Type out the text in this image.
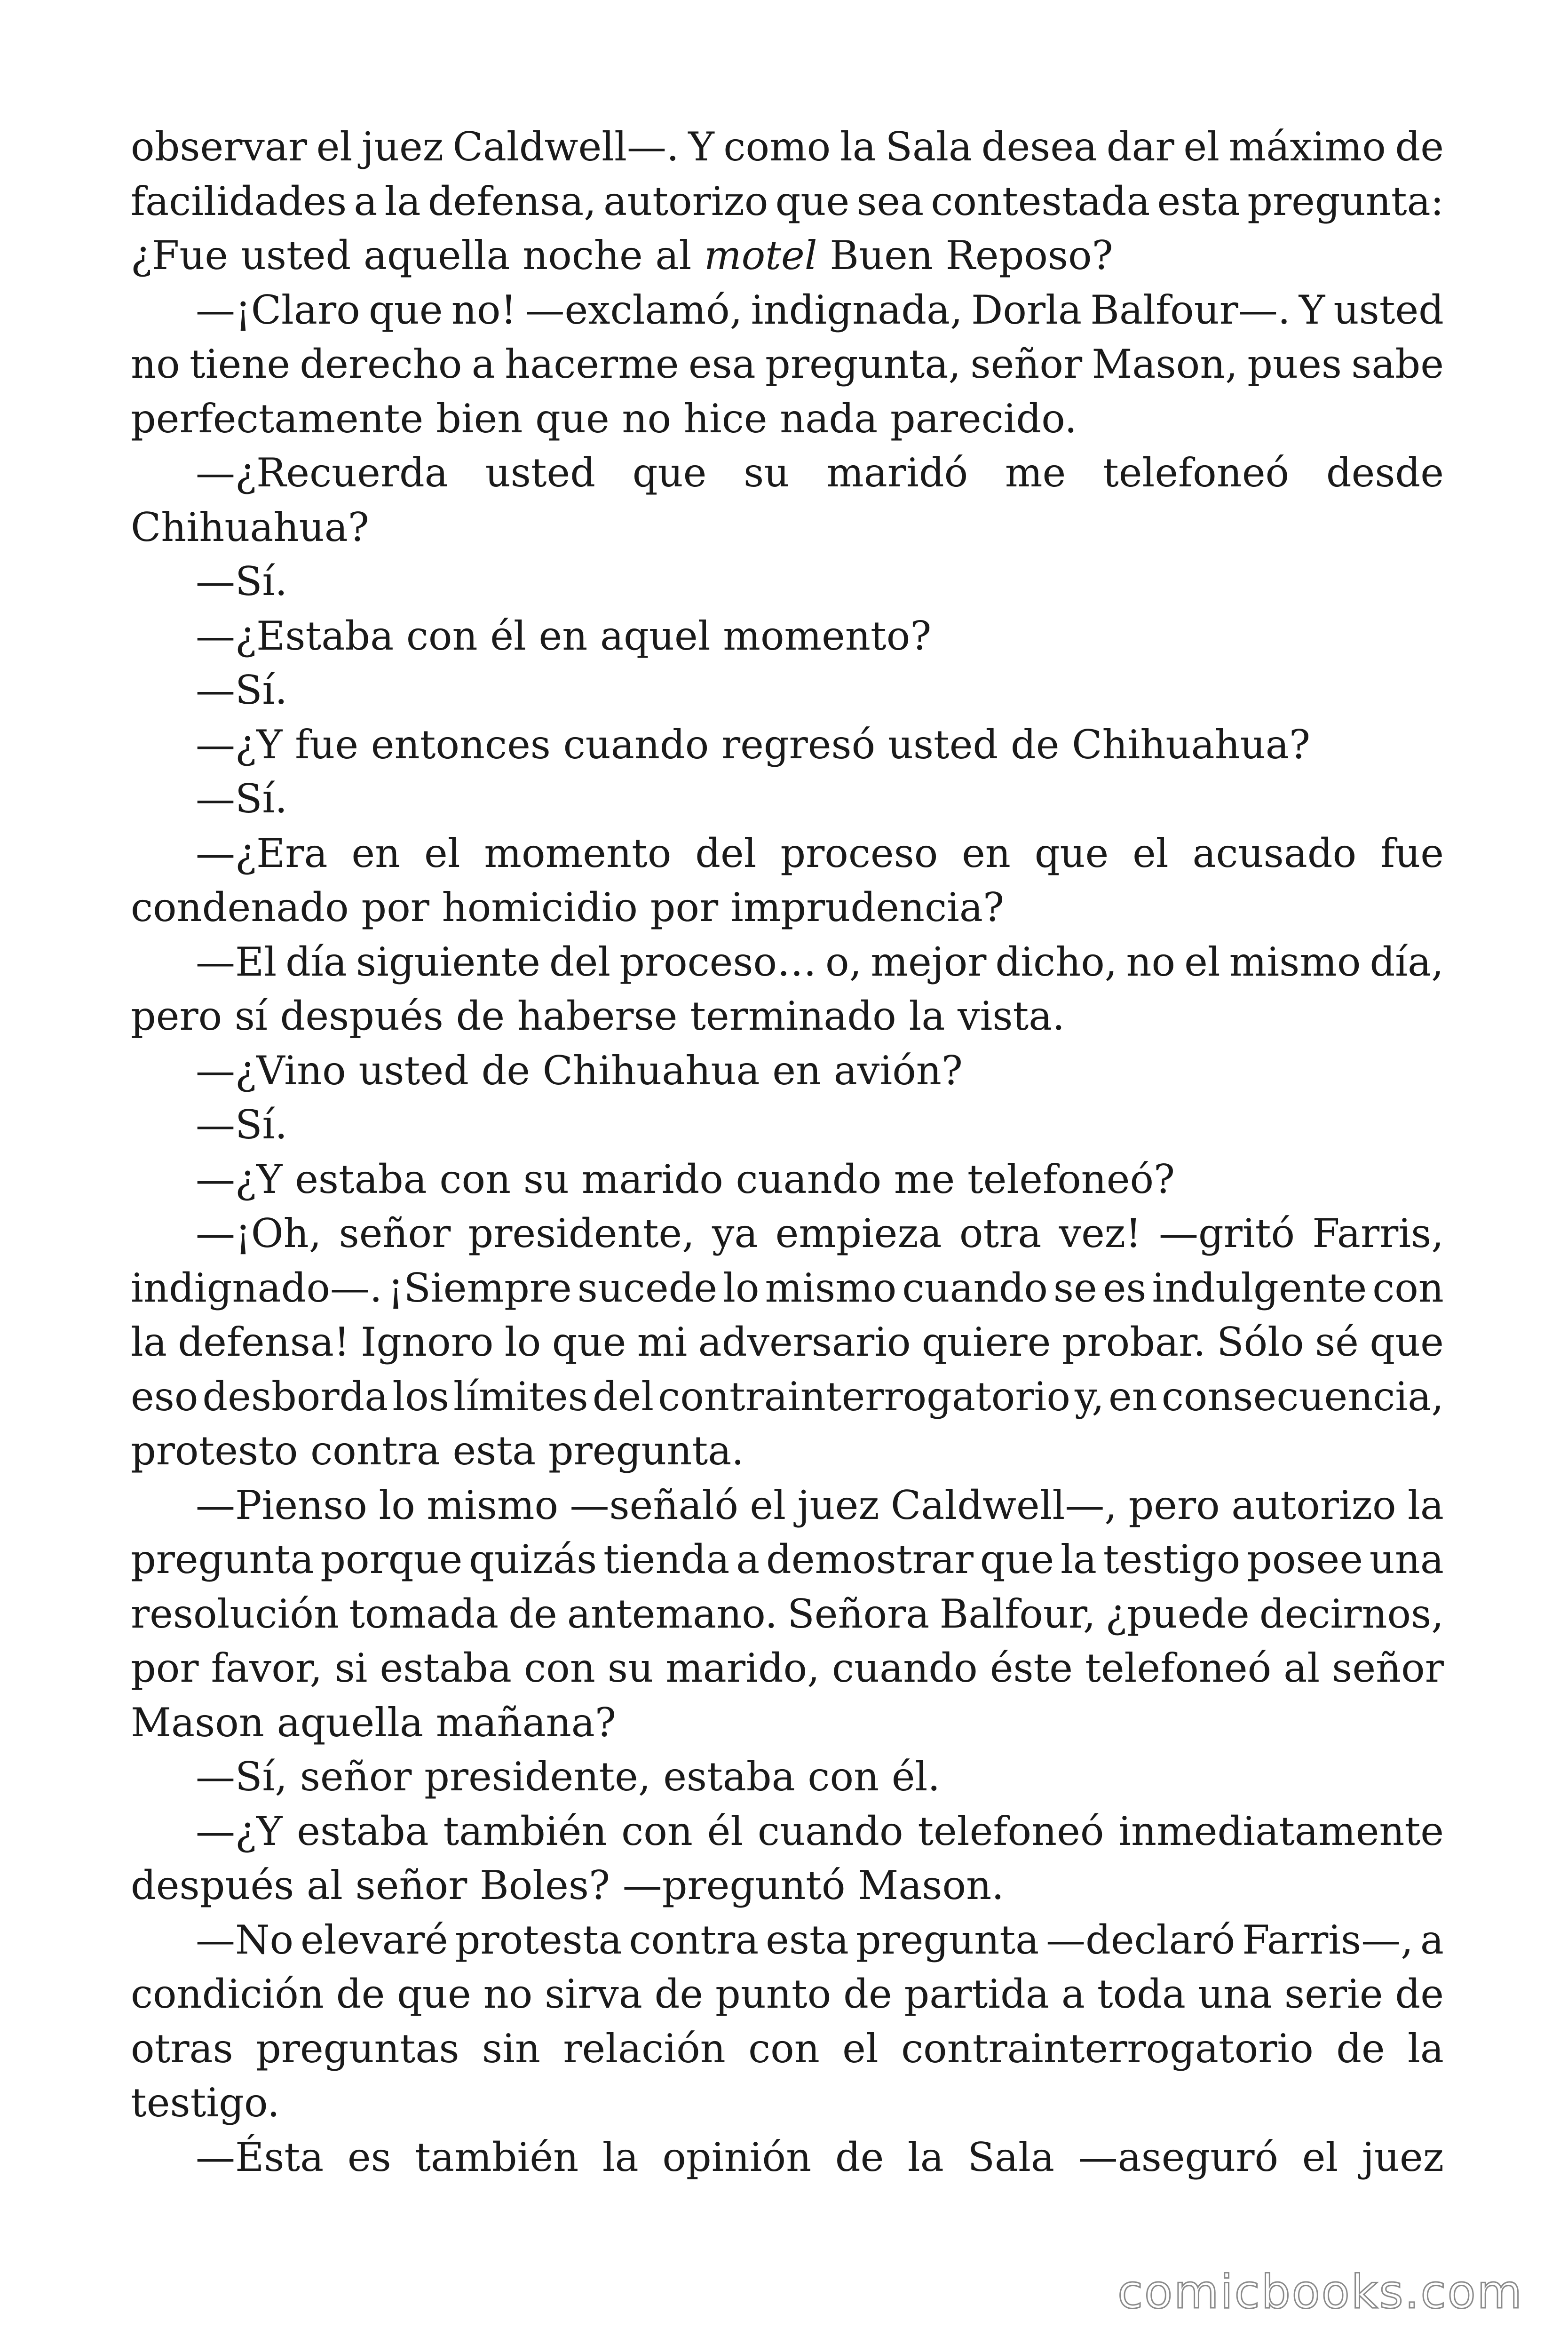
observar el juez Caldwell—. Y como la Sala desea dar el máximo de
facilidades a la defensa, autorizo que sea contestada esta pregunta:
¿Fue usted aquella noche al motel Buen Reposo?
—¡Claro que no! —exclamó, indignada, Dorla Balfour—. Y usted
no tiene derecho a hacerme esa pregunta, señor Mason, pues sabe
perfectamente bien que no hice nada parecido.
—¿Recuerda usted que su maridó me telefoneó desde
Chihuahua?
—Sí.
—¿Estaba con él en aquel momento?
—Sí.
—¿Y fue entonces cuando regresó usted de Chihuahua?
—Sí.
—¿Era en el momento del proceso en que el acusado fue
condenado por homicidio por imprudencia?
—El día siguiente del proceso… o, mejor dicho, no el mismo día,
pero sí después de haberse terminado la vista.
—¿Vino usted de Chihuahua en avión?
—Sí.
—¿Y estaba con su marido cuando me telefoneó?
—¡Oh, señor presidente, ya empieza otra vez! —gritó Farris,
indignado—. ¡Siempre sucede lo mismo cuando se es indulgente con
la defensa! Ignoro lo que mi adversario quiere probar. Sólo sé que
eso desborda los límites del contrainterrogatorio y, en consecuencia,
protesto contra esta pregunta.
—Pienso lo mismo —señaló el juez Caldwell—, pero autorizo la
pregunta porque quizás tienda a demostrar que la testigo posee una
resolución tomada de antemano. Señora Balfour, ¿puede decirnos,
por favor, si estaba con su marido, cuando éste telefoneó al señor
Mason aquella mañana?
—Sí, señor presidente, estaba con él.
—¿Y estaba también con él cuando telefoneó inmediatamente
después al señor Boles? —preguntó Mason.
—No elevaré protesta contra esta pregunta —declaró Farris—, a
condición de que no sirva de punto de partida a toda una serie de
otras preguntas sin relación con el contrainterrogatorio de la
testigo.
—Ésta es también la opinión de la Sala —aseguró el juez
comicbooks.com
